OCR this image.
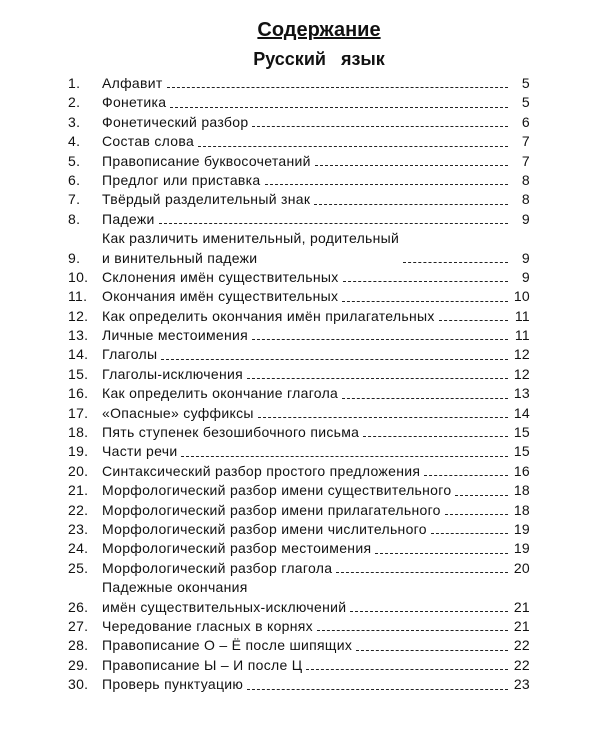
Содержание
Русский язык
1.	Алфавит	5
2.	Фонетика	5
3.	Фонетический разбор	6
4.	Состав слова	7
5.	Правописание буквосочетаний	7
6.	Предлог или приставка	8
7.	Твёрдый разделительный знак	8
8.	Падежи	9
9.
Как различить именительный, родительный
и винительный падежи	9
10. Склонения имён существительных	9
11.	Окончания имён существительных	10
12. Как определить окончания имён прилагательных	11
13. Личные местоимения	11
14. Глаголы	12
15. Глаголы-исключения	12
16. Как определить окончание глагола	13
17. «Опасные» суффиксы	14
18. Пять ступенек безошибочного письма	15
19. Части речи	15
20. Синтаксический разбор простого предложения	16
21. Морфологический разбор имени существительного	18
22. Морфологический разбор имени прилагательного	18
23. Морфологический разбор имени числительного	19
24. Морфологический разбор местоимения	19
25. Морфологический разбор глагола	20
26.
Падежные окончания
имён существительных-исключений	21
27. Чередование гласных в корнях	21
28. Правописание О – Ё после шипящих	22
29. Правописание Ы – И после Ц	22
30. Проверь пунктуацию	23
